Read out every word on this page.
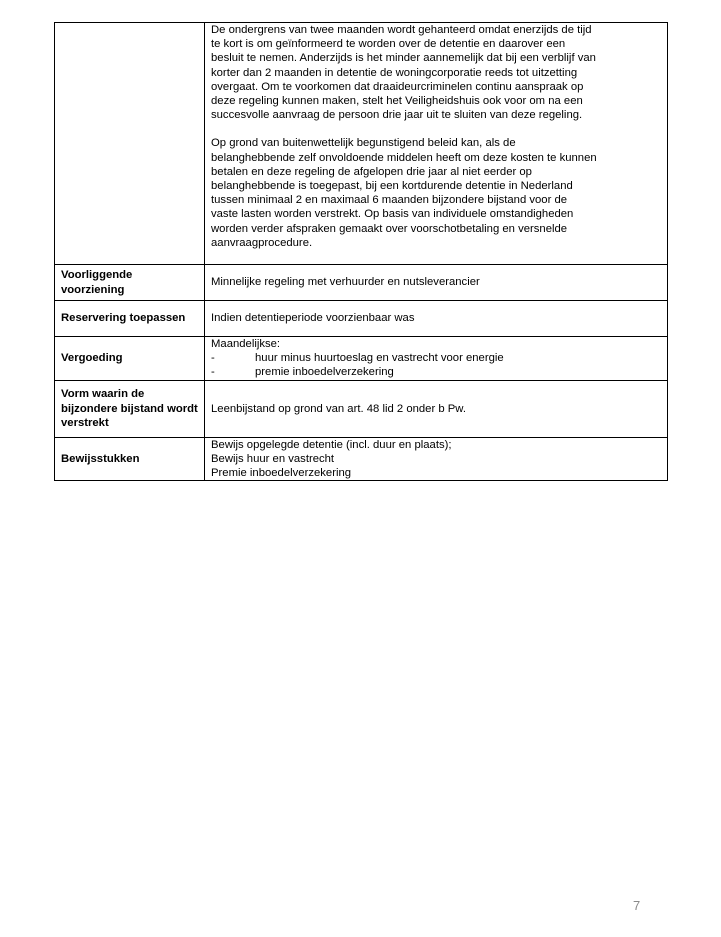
De ondergrens van twee maanden wordt gehanteerd omdat enerzijds de tijd te kort is om geïnformeerd te worden over de detentie en daarover een besluit te nemen. Anderzijds is het minder aannemelijk dat bij een verblijf van korter dan 2 maanden in detentie de woningcorporatie reeds tot uitzetting overgaat. Om te voorkomen dat draaideurcriminelen continu aanspraak op deze regeling kunnen maken, stelt het Veiligheidshuis ook voor om na een succesvolle aanvraag de persoon drie jaar uit te sluiten van deze regeling.

Op grond van buitenwettelijk begunstigend beleid kan, als de belanghebbende zelf onvoldoende middelen heeft om deze kosten te kunnen betalen en deze regeling de afgelopen drie jaar al niet eerder op belanghebbende is toegepast, bij een kortdurende detentie in Nederland tussen minimaal 2 en maximaal 6 maanden bijzondere bijstand voor de vaste lasten worden verstrekt. Op basis van individuele omstandigheden worden verder afspraken gemaakt over voorschotbetaling en versnelde aanvraagprocedure.

Voorliggende voorziening	Minnelijke regeling met verhuurder en nutsleverancier
Reservering toepassen	Indien detentieperiode voorzienbaar was
Vergoeding	
Maandelijkse:
-	huur minus huurtoeslag en vastrecht voor energie
-	premie inboedelverzekering

Vorm waarin de bijzondere bijstand wordt verstrekt	Leenbijstand op grond van art. 48 lid 2 onder b Pw.
Bewijsstukken	
Bewijs opgelegde detentie (incl. duur en plaats);
Bewijs huur en vastrecht
Premie inboedelverzekering
7
